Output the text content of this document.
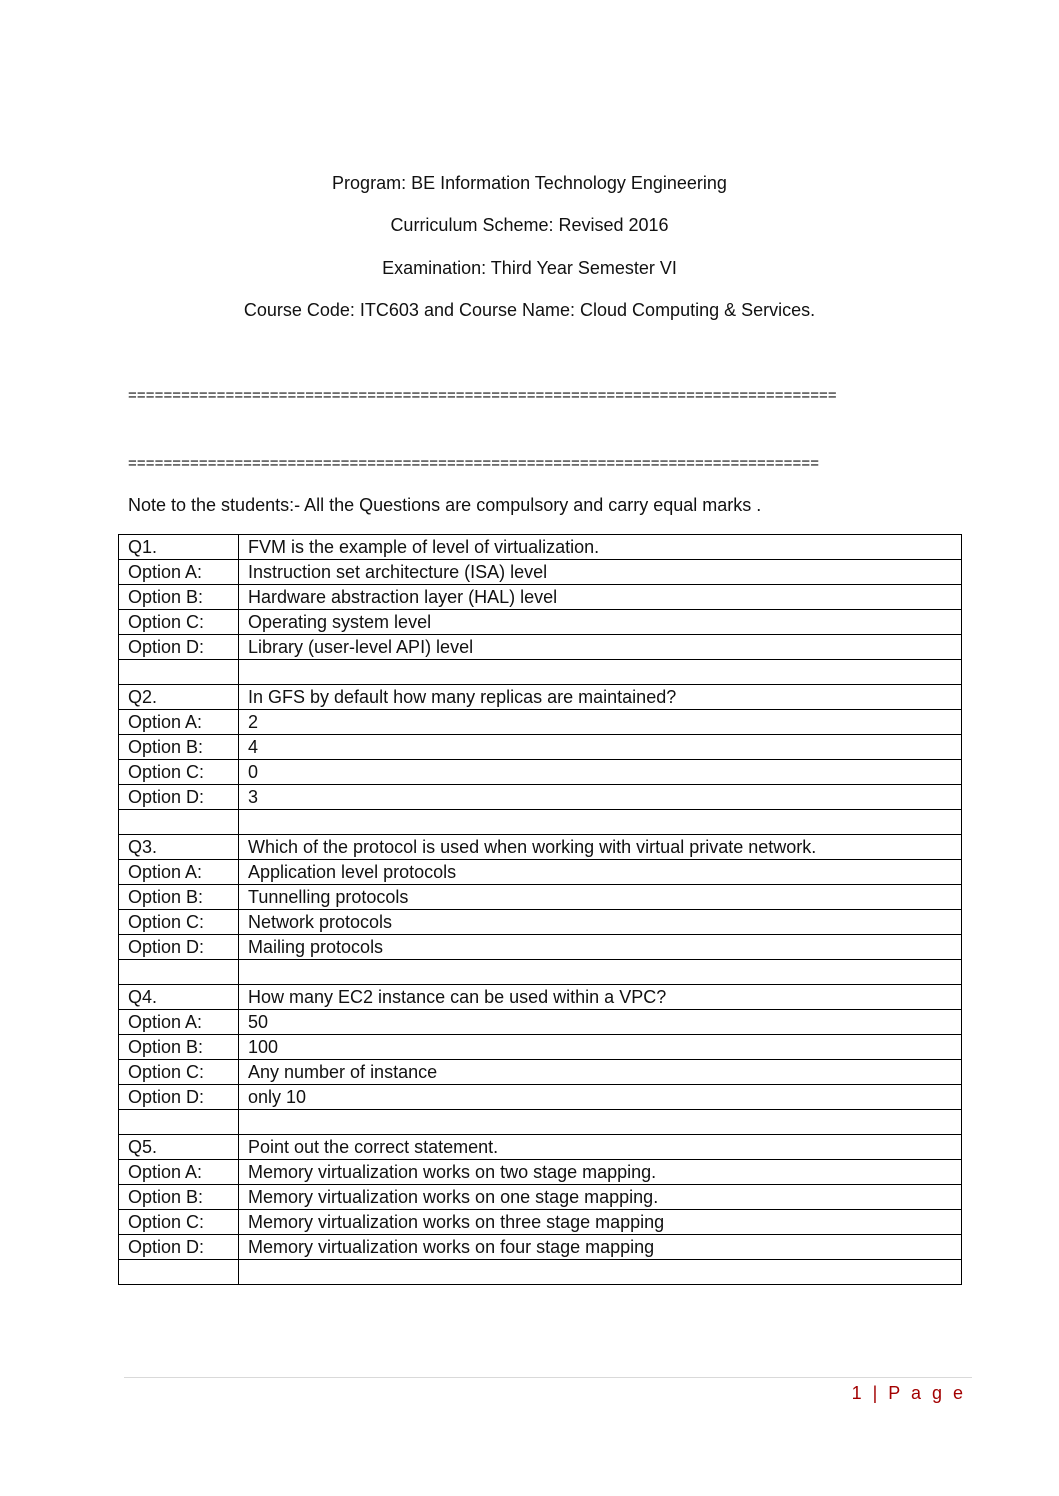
Program: BE Information Technology Engineering
Curriculum Scheme: Revised 2016
Examination: Third Year Semester VI
Course Code: ITC603 and Course Name: Cloud Computing & Services.
================================================================================
==============================================================================
Note to the students:- All the Questions are compulsory and carry equal marks .
Q1.	FVM is the example of level of virtualization.
Option A:	Instruction set architecture (ISA) level
Option B:	Hardware abstraction layer (HAL) level
Option C:	Operating system level
Option D:	Library (user-level API) level

Q2.	In GFS by default how many replicas are maintained?
Option A:	2
Option B:	4
Option C:	0
Option D:	3

Q3.	Which of the protocol is used when working with virtual private network.
Option A:	Application level protocols
Option B:	Tunnelling protocols
Option C:	Network protocols
Option D:	Mailing protocols

Q4.	How many EC2 instance can be used within a VPC?
Option A:	50
Option B:	100
Option C:	Any number of instance
Option D:	only 10

Q5.	Point out the correct statement.
Option A:	Memory virtualization works on two stage mapping.
Option B:	Memory virtualization works on one stage mapping.
Option C:	Memory virtualization works on three stage mapping
Option D:	Memory virtualization works on four stage mapping

1 | P a g e
